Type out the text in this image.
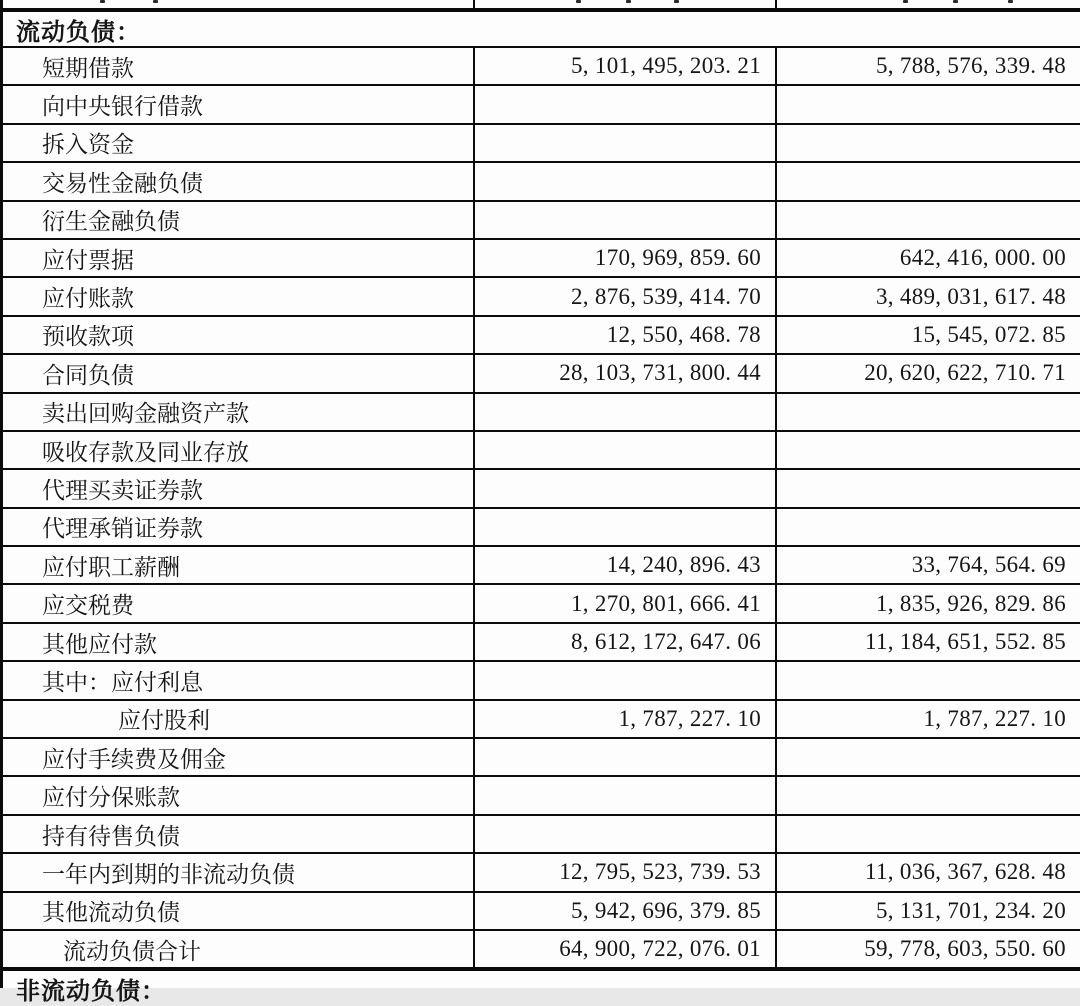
流动负债：
短期借款	5, 101, 495, 203. 21	5, 788, 576, 339. 48
向中央银行借款
拆入资金
交易性金融负债
衍生金融负债
应付票据	170, 969, 859. 60	642, 416, 000. 00
应付账款	2, 876, 539, 414. 70	3, 489, 031, 617. 48
预收款项	12, 550, 468. 78	15, 545, 072. 85
合同负债	28, 103, 731, 800. 44	20, 620, 622, 710. 71
卖出回购金融资产款
吸收存款及同业存放
代理买卖证券款
代理承销证券款
应付职工薪酬	14, 240, 896. 43	33, 764, 564. 69
应交税费	1, 270, 801, 666. 41	1, 835, 926, 829. 86
其他应付款	8, 612, 172, 647. 06	11, 184, 651, 552. 85
其中：应付利息
应付股利	1, 787, 227. 10	1, 787, 227. 10
应付手续费及佣金
应付分保账款
持有待售负债
一年内到期的非流动负债	12, 795, 523, 739. 53	11, 036, 367, 628. 48
其他流动负债	5, 942, 696, 379. 85	5, 131, 701, 234. 20
流动负债合计	64, 900, 722, 076. 01	59, 778, 603, 550. 60
非流动负债：
